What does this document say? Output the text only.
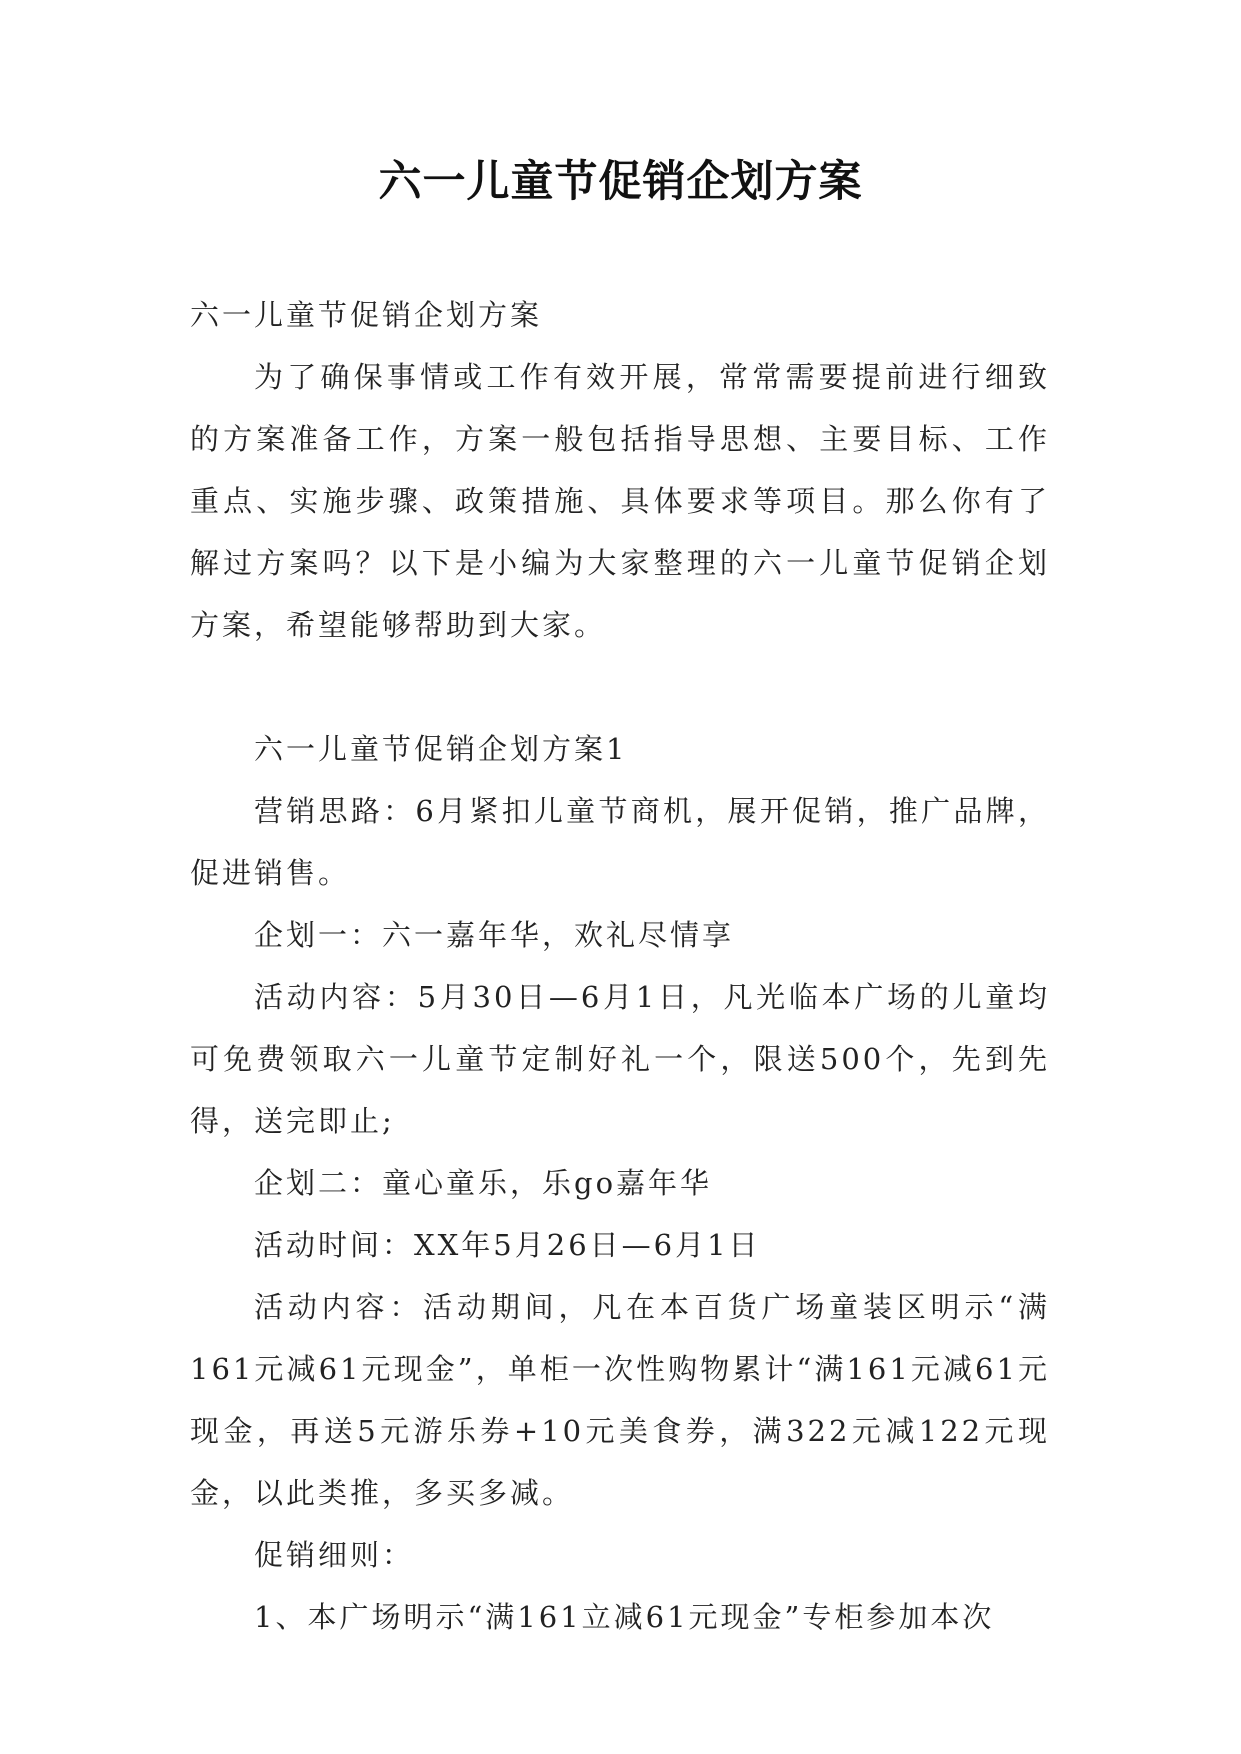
六一儿童节促销企划方案

六一儿童节促销企划方案

为了确保事情或工作有效开展，常常需要提前进行细致的方案准备工作，方案一般包括指导思想、主要目标、工作重点、实施步骤、政策措施、具体要求等项目。那么你有了解过方案吗？以下是小编为大家整理的六一儿童节促销企划方案，希望能够帮助到大家。

六一儿童节促销企划方案1

营销思路：6月紧扣儿童节商机，展开促销，推广品牌，促进销售。

企划一：六一嘉年华，欢礼尽情享

活动内容：5月30日—6月1日，凡光临本广场的儿童均可免费领取六一儿童节定制好礼一个，限送500个，先到先得，送完即止;

企划二：童心童乐，乐go嘉年华

活动时间：XX年5月26日—6月1日

活动内容：活动期间，凡在本百货广场童装区明示“满161元减61元现金”，单柜一次性购物累计“满161元减61元现金，再送5元游乐券+10元美食券，满322元减122元现金，以此类推，多买多减。

促销细则：

1、本广场明示“满161立减61元现金”专柜参加本次
